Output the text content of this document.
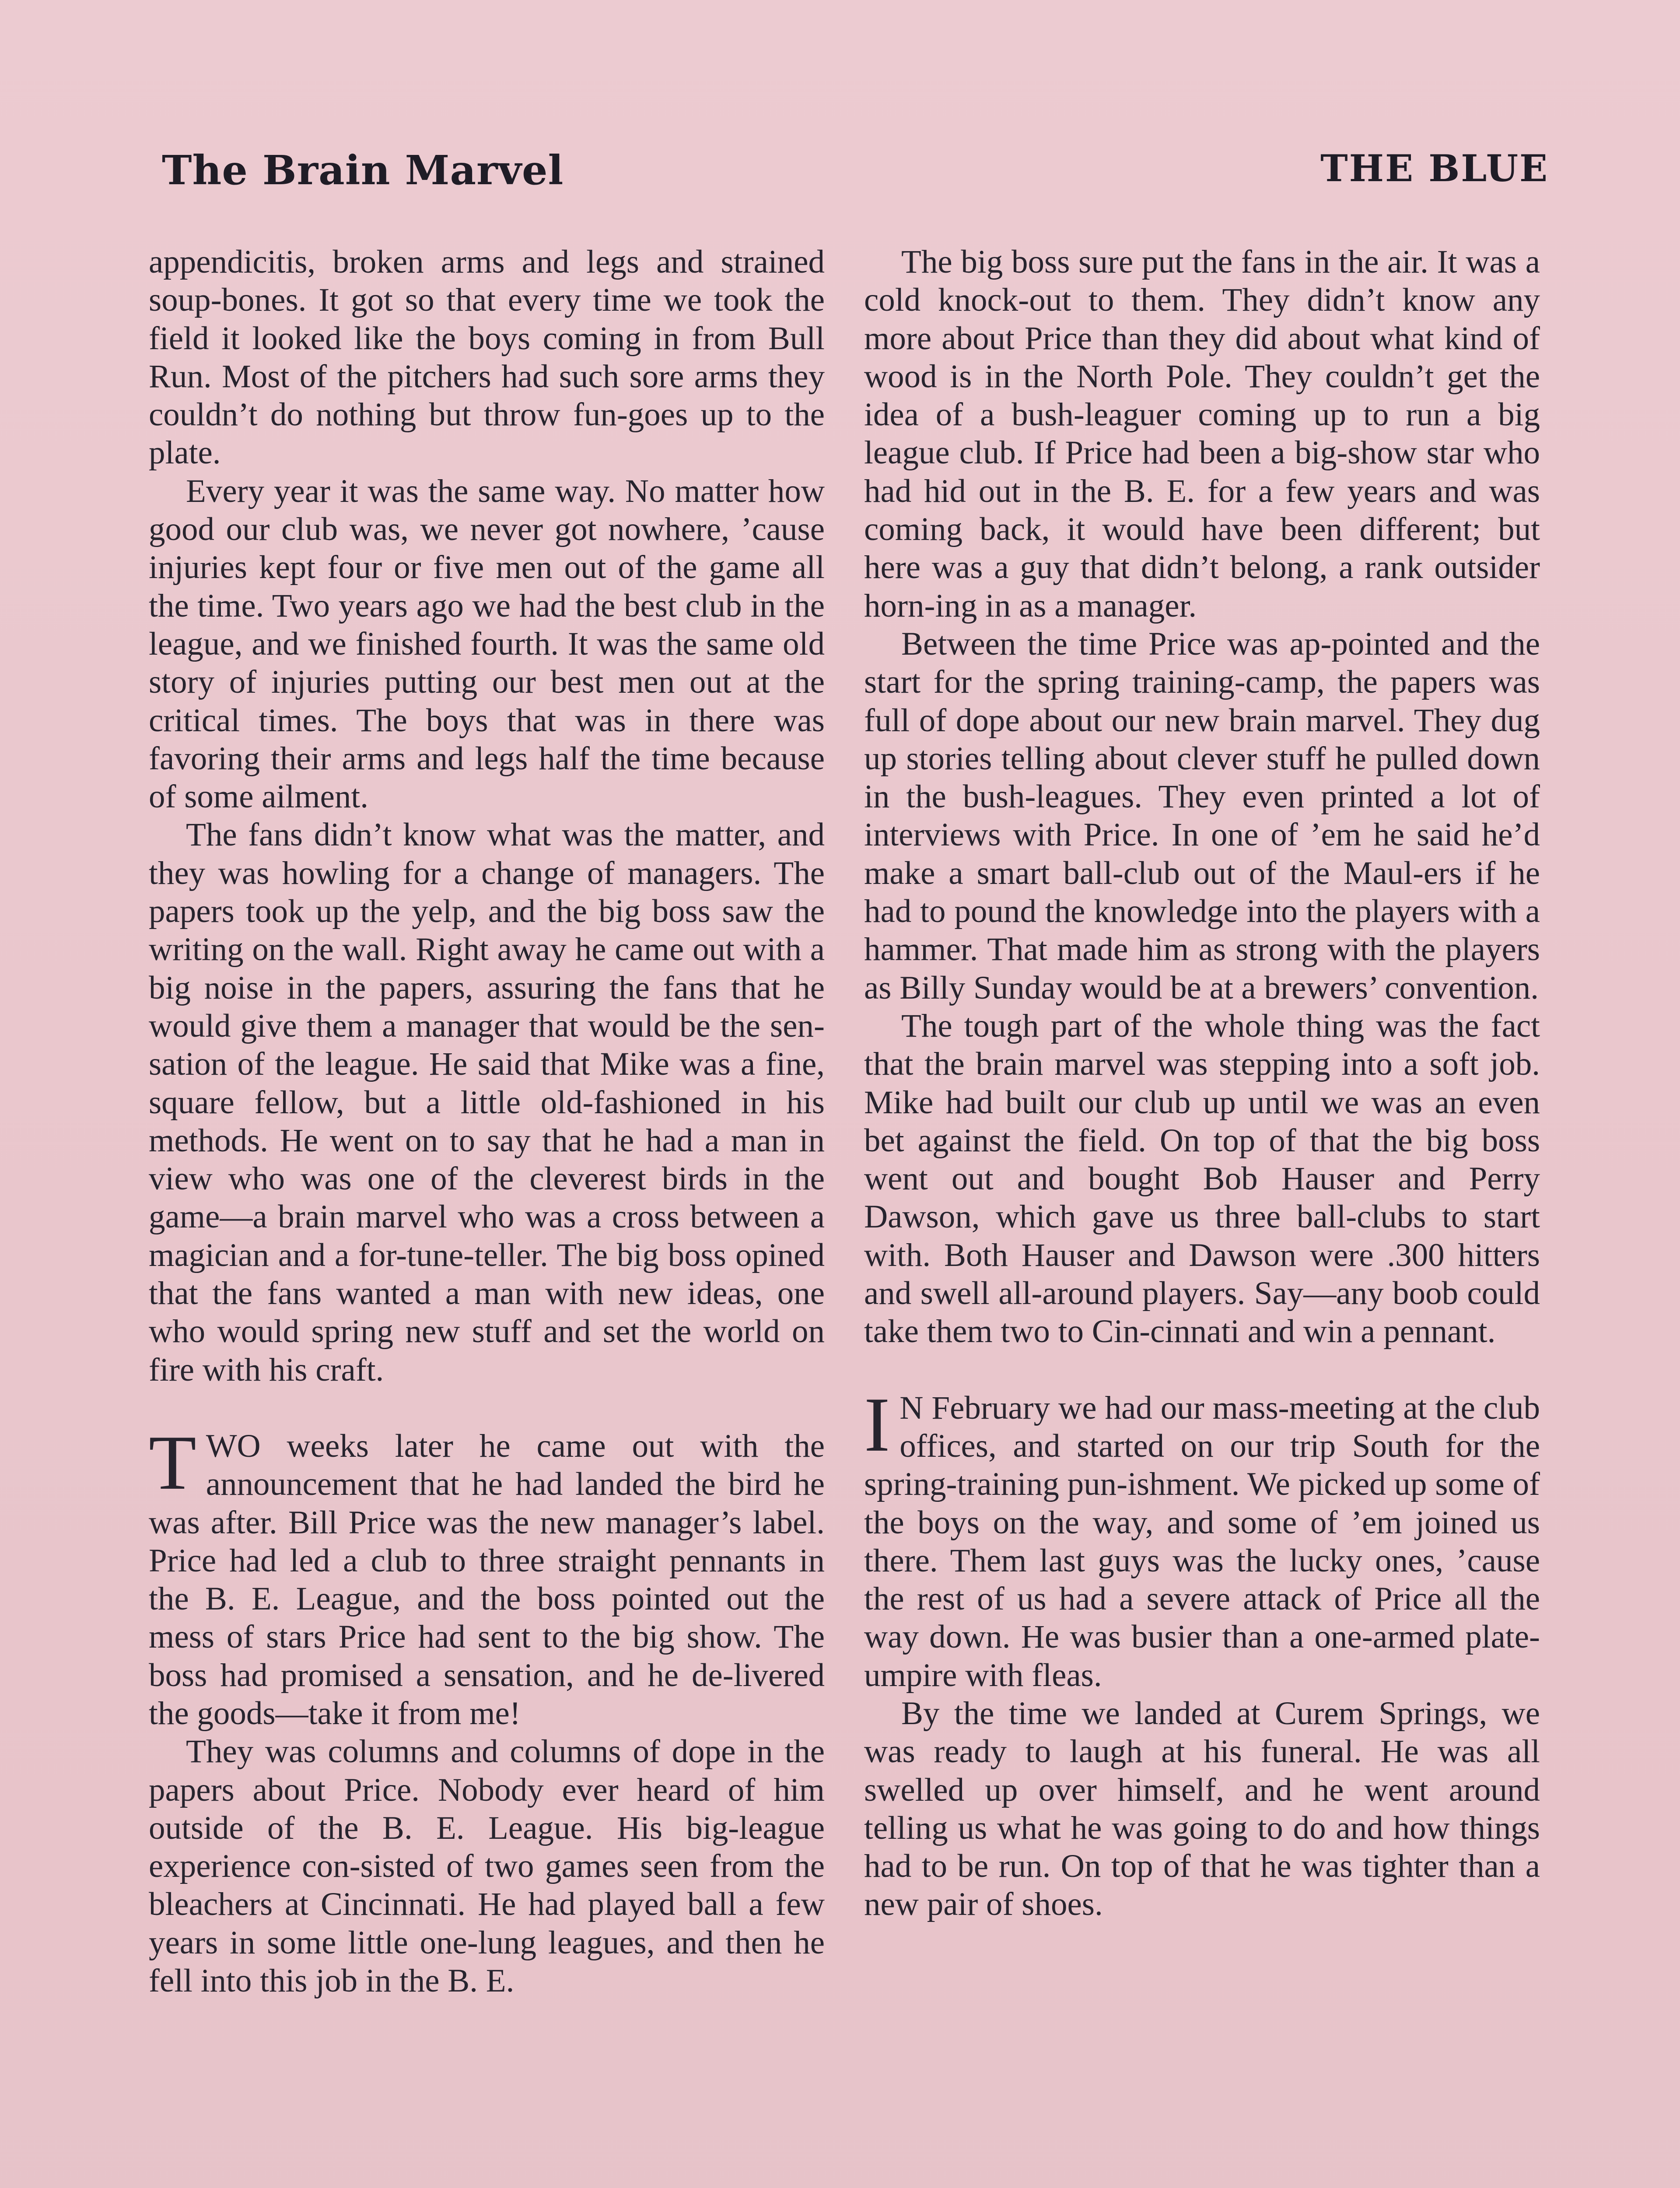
The Brain Marvel	THE BLUE

appendicitis, broken arms and legs and strained soup-bones. It got so that every time we took the field it looked like the boys coming in from Bull Run. Most of the pitchers had such sore arms they couldn’t do nothing but throw fun-goes up to the plate.

Every year it was the same way. No matter how good our club was, we never got nowhere, ’cause injuries kept four or five men out of the game all the time. Two years ago we had the best club in the league, and we finished fourth. It was the same old story of injuries putting our best men out at the critical times. The boys that was in there was favoring their arms and legs half the time because of some ailment.

The fans didn’t know what was the matter, and they was howling for a change of managers. The papers took up the yelp, and the big boss saw the writing on the wall. Right away he came out with a big noise in the papers, assuring the fans that he would give them a manager that would be the sen-sation of the league. He said that Mike was a fine, square fellow, but a little old-fashioned in his methods. He went on to say that he had a man in view who was one of the cleverest birds in the game—a brain marvel who was a cross between a magician and a for-tune-teller. The big boss opined that the fans wanted a man with new ideas, one who would spring new stuff and set the world on fire with his craft.

TWO weeks later he came out with the announcement that he had landed the bird he was after. Bill Price was the new manager’s label. Price had led a club to three straight pennants in the B. E. League, and the boss pointed out the mess of stars Price had sent to the big show. The boss had promised a sensation, and he de-livered the goods—take it from me!

They was columns and columns of dope in the papers about Price. Nobody ever heard of him outside of the B. E. League. His big-league experience con-sisted of two games seen from the bleachers at Cincinnati. He had played ball a few years in some little one-lung leagues, and then he fell into this job in the B. E.

The big boss sure put the fans in the air. It was a cold knock-out to them. They didn’t know any more about Price than they did about what kind of wood is in the North Pole. They couldn’t get the idea of a bush-leaguer coming up to run a big league club. If Price had been a big-show star who had hid out in the B. E. for a few years and was coming back, it would have been different; but here was a guy that didn’t belong, a rank outsider horn-ing in as a manager.

Between the time Price was ap-pointed and the start for the spring training-camp, the papers was full of dope about our new brain marvel. They dug up stories telling about clever stuff he pulled down in the bush-leagues. They even printed a lot of interviews with Price. In one of ’em he said he’d make a smart ball-club out of the Maul-ers if he had to pound the knowledge into the players with a hammer. That made him as strong with the players as Billy Sunday would be at a brewers’ convention.

The tough part of the whole thing was the fact that the brain marvel was stepping into a soft job. Mike had built our club up until we was an even bet against the field. On top of that the big boss went out and bought Bob Hauser and Perry Dawson, which gave us three ball-clubs to start with. Both Hauser and Dawson were .300 hitters and swell all-around players. Say—any boob could take them two to Cin-cinnati and win a pennant.

I N February we had our mass-meeting at the club offices, and started on our trip South for the spring-training pun-ishment. We picked up some of the boys on the way, and some of ’em joined us there. Them last guys was the lucky ones, ’cause the rest of us had a severe attack of Price all the way down. He was busier than a one-armed plate-umpire with fleas.

By the time we landed at Curem Springs, we was ready to laugh at his funeral. He was all swelled up over himself, and he went around telling us what he was going to do and how things had to be run. On top of that he was tighter than a new pair of shoes.
